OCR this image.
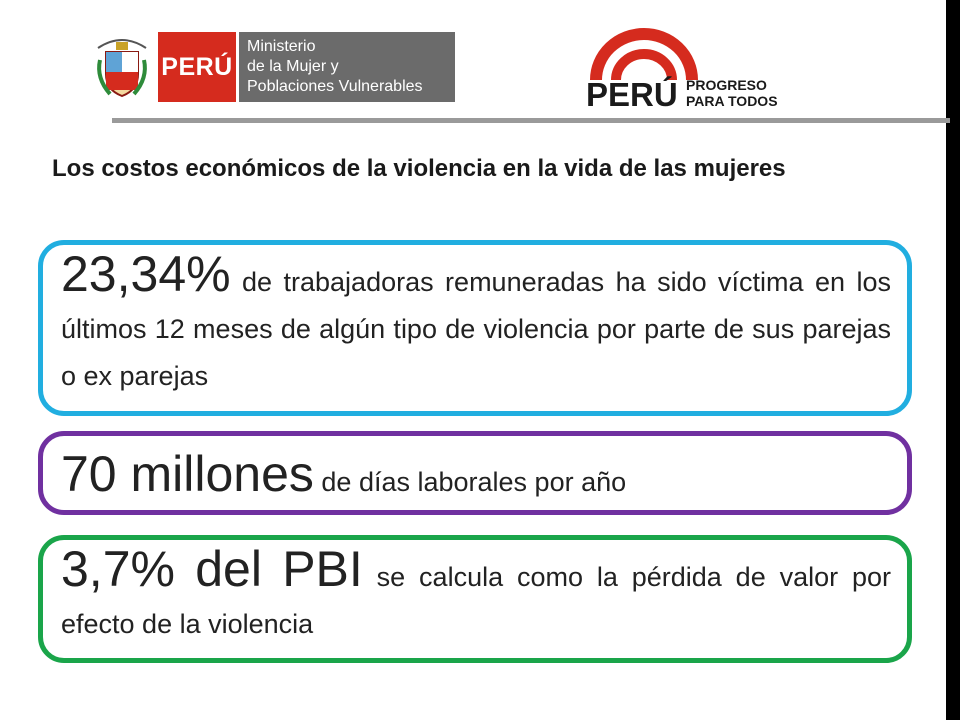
PERÚ
Ministerio
de la Mujer y
Poblaciones Vulnerables	PERÚ PROGRESO
PARA TODOS
Los costos económicos de la violencia en la vida de las mujeres

23,34% de trabajadoras remuneradas ha sido víctima en los últimos 12 meses de algún tipo de violencia por parte de sus parejas o ex parejas

70 millones de días laborales por año

3,7% del PBI se calcula como la pérdida de valor por efecto de la violencia
